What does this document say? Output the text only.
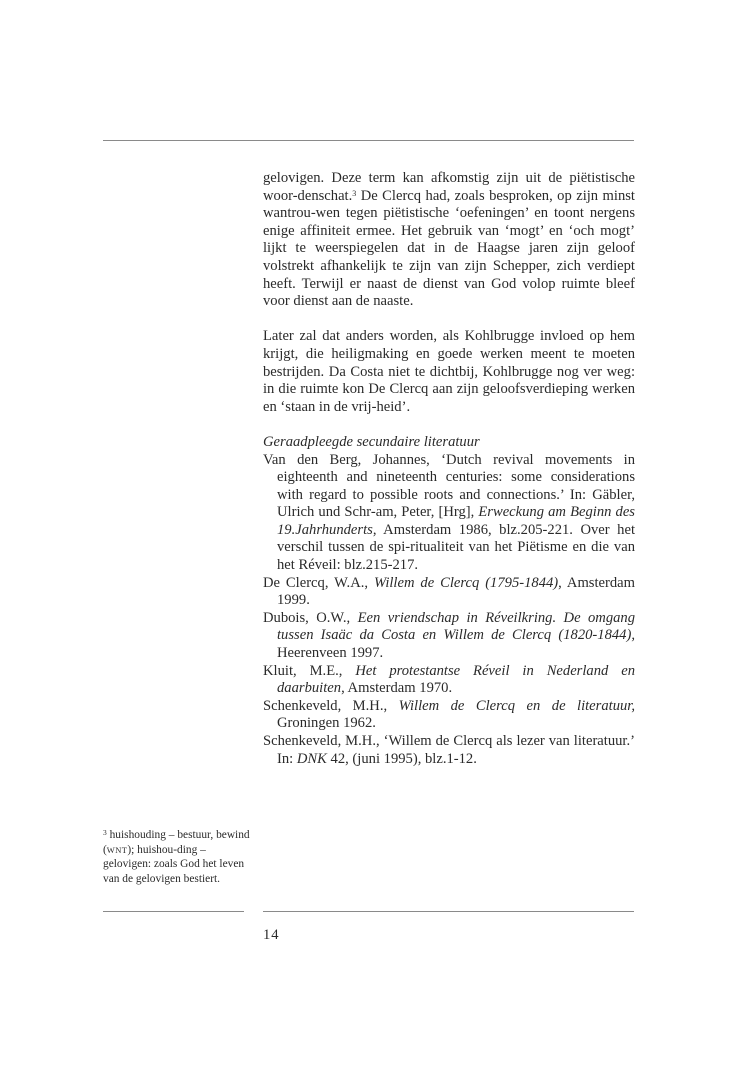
gelovigen. Deze term kan afkomstig zijn uit de piëtistische woor-denschat.$^3$ De Clercq had, zoals besproken, op zijn minst wantrou-wen tegen piëtistische ‘oefeningen’ en toont nergens enige affiniteit ermee. Het gebruik van ‘mogt’ en ‘och mogt’ lijkt te weerspiegelen dat in de Haagse jaren zijn geloof volstrekt afhankelijk te zijn van zijn Schepper, zich verdiept heeft. Terwijl er naast de dienst van God volop ruimte bleef voor dienst aan de naaste.

Later zal dat anders worden, als Kohlbrugge invloed op hem krijgt, die heiligmaking en goede werken meent te moeten bestrijden. Da Costa niet te dichtbij, Kohlbrugge nog ver weg: in die ruimte kon De Clercq aan zijn geloofsverdieping werken en ‘staan in de vrij-heid’.

Geraadpleegde secundaire literatuur

Van den Berg, Johannes, ‘Dutch revival movements in eighteenth and nineteenth centuries: some considerations with regard to possible roots and connections.’ In: Gäbler, Ulrich und Schr-am, Peter, [Hrg], Erweckung am Beginn des 19.Jahrhunderts, Amsterdam 1986, blz.205-221. Over het verschil tussen de spi-ritualiteit van het Piëtisme en die van het Réveil: blz.215-217.
De Clercq, W.A., Willem de Clercq (1795-1844), Amsterdam 1999.
Dubois, O.W., Een vriendschap in Réveilkring. De omgang tussen Isaäc da Costa en Willem de Clercq (1820-1844), Heerenveen 1997.
Kluit, M.E., Het protestantse Réveil in Nederland en daarbuiten, Amsterdam 1970.
Schenkeveld, M.H., Willem de Clercq en de literatuur, Groningen 1962.
Schenkeveld, M.H., ‘Willem de Clercq als lezer van literatuur.’ In: DNK 42, (juni 1995), blz.1-12.
$^3$ huishouding – bestuur, bewind (WNT); huishou-ding – gelovigen: zoals God het leven van de gelovigen bestiert.
14
